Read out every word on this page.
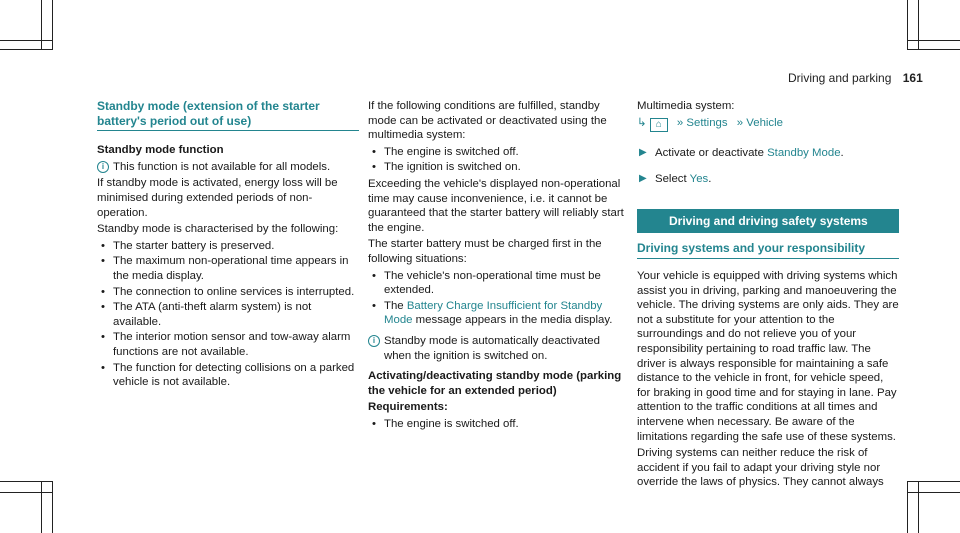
Driving and parking 161
Standby mode (extension of the starter battery's period out of use)

Standby mode function

i This function is not available for all models.

If standby mode is activated, energy loss will be minimised during extended periods of non-operation.

Standby mode is characterised by the following:

• The starter battery is preserved.
• The maximum non-operational time appears in the media display.
• The connection to online services is interrupted.
• The ATA (anti-theft alarm system) is not available.
• The interior motion sensor and tow-away alarm functions are not available.
• The function for detecting collisions on a parked vehicle is not available.

If the following conditions are fulfilled, standby mode can be activated or deactivated using the multimedia system:

• The engine is switched off.
• The ignition is switched on.

Exceeding the vehicle's displayed non-operational time may cause inconvenience, i.e. it cannot be guaranteed that the starter battery will reliably start the engine.

The starter battery must be charged first in the following situations:

• The vehicle's non-operational time must be extended.
• The Battery Charge Insufficient for Standby Mode message appears in the media display.

i Standby mode is automatically deactivated when the ignition is switched on.

Activating/deactivating standby mode (parking the vehicle for an extended period)

Requirements:

• The engine is switched off.

Multimedia system:

↳ ⌂ » Settings » Vehicle

▶ Activate or deactivate Standby Mode.

▶ Select Yes.

Driving and driving safety systems
Driving systems and your responsibility

Your vehicle is equipped with driving systems which assist you in driving, parking and manoeuvering the vehicle. The driving systems are only aids. They are not a substitute for your attention to the surroundings and do not relieve you of your responsibility pertaining to road traffic law. The driver is always responsible for maintaining a safe distance to the vehicle in front, for vehicle speed, for braking in good time and for staying in lane. Pay attention to the traffic conditions at all times and intervene when necessary. Be aware of the limitations regarding the safe use of these systems.

Driving systems can neither reduce the risk of accident if you fail to adapt your driving style nor override the laws of physics. They cannot always
